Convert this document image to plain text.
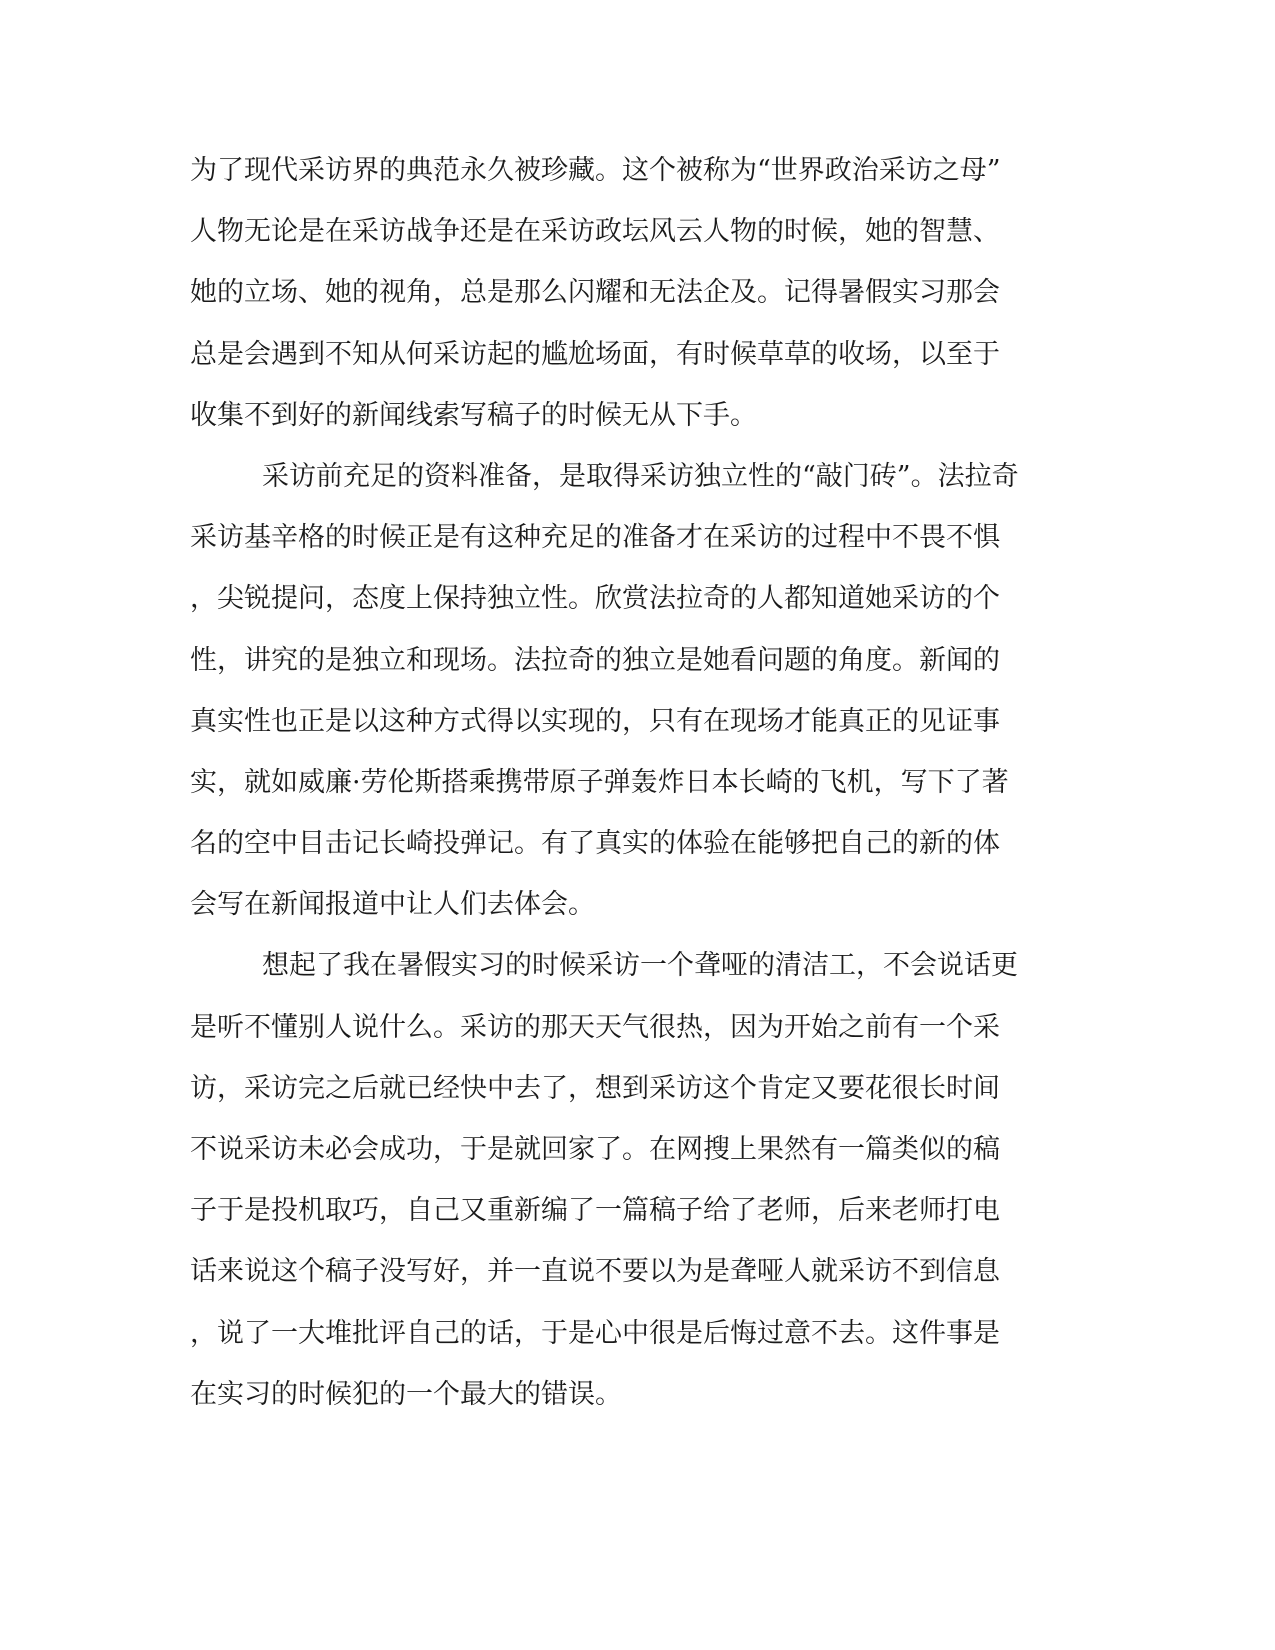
为了现代采访界的典范永久被珍藏。这个被称为“世界政治采访之母”
人物无论是在采访战争还是在采访政坛风云人物的时候，她的智慧、
她的立场、她的视角，总是那么闪耀和无法企及。记得暑假实习那会
总是会遇到不知从何采访起的尴尬场面，有时候草草的收场，以至于
收集不到好的新闻线索写稿子的时候无从下手。
采访前充足的资料准备，是取得采访独立性的“敲门砖”。法拉奇
采访基辛格的时候正是有这种充足的准备才在采访的过程中不畏不惧
，尖锐提问，态度上保持独立性。欣赏法拉奇的人都知道她采访的个
性，讲究的是独立和现场。法拉奇的独立是她看问题的角度。新闻的
真实性也正是以这种方式得以实现的，只有在现场才能真正的见证事
实，就如威廉·劳伦斯搭乘携带原子弹轰炸日本长崎的飞机，写下了著
名的空中目击记长崎投弹记。有了真实的体验在能够把自己的新的体
会写在新闻报道中让人们去体会。
想起了我在暑假实习的时候采访一个聋哑的清洁工，不会说话更
是听不懂别人说什么。采访的那天天气很热，因为开始之前有一个采
访，采访完之后就已经快中去了，想到采访这个肯定又要花很长时间
不说采访未必会成功，于是就回家了。在网搜上果然有一篇类似的稿
子于是投机取巧，自己又重新编了一篇稿子给了老师，后来老师打电
话来说这个稿子没写好，并一直说不要以为是聋哑人就采访不到信息
，说了一大堆批评自己的话，于是心中很是后悔过意不去。这件事是
在实习的时候犯的一个最大的错误。
